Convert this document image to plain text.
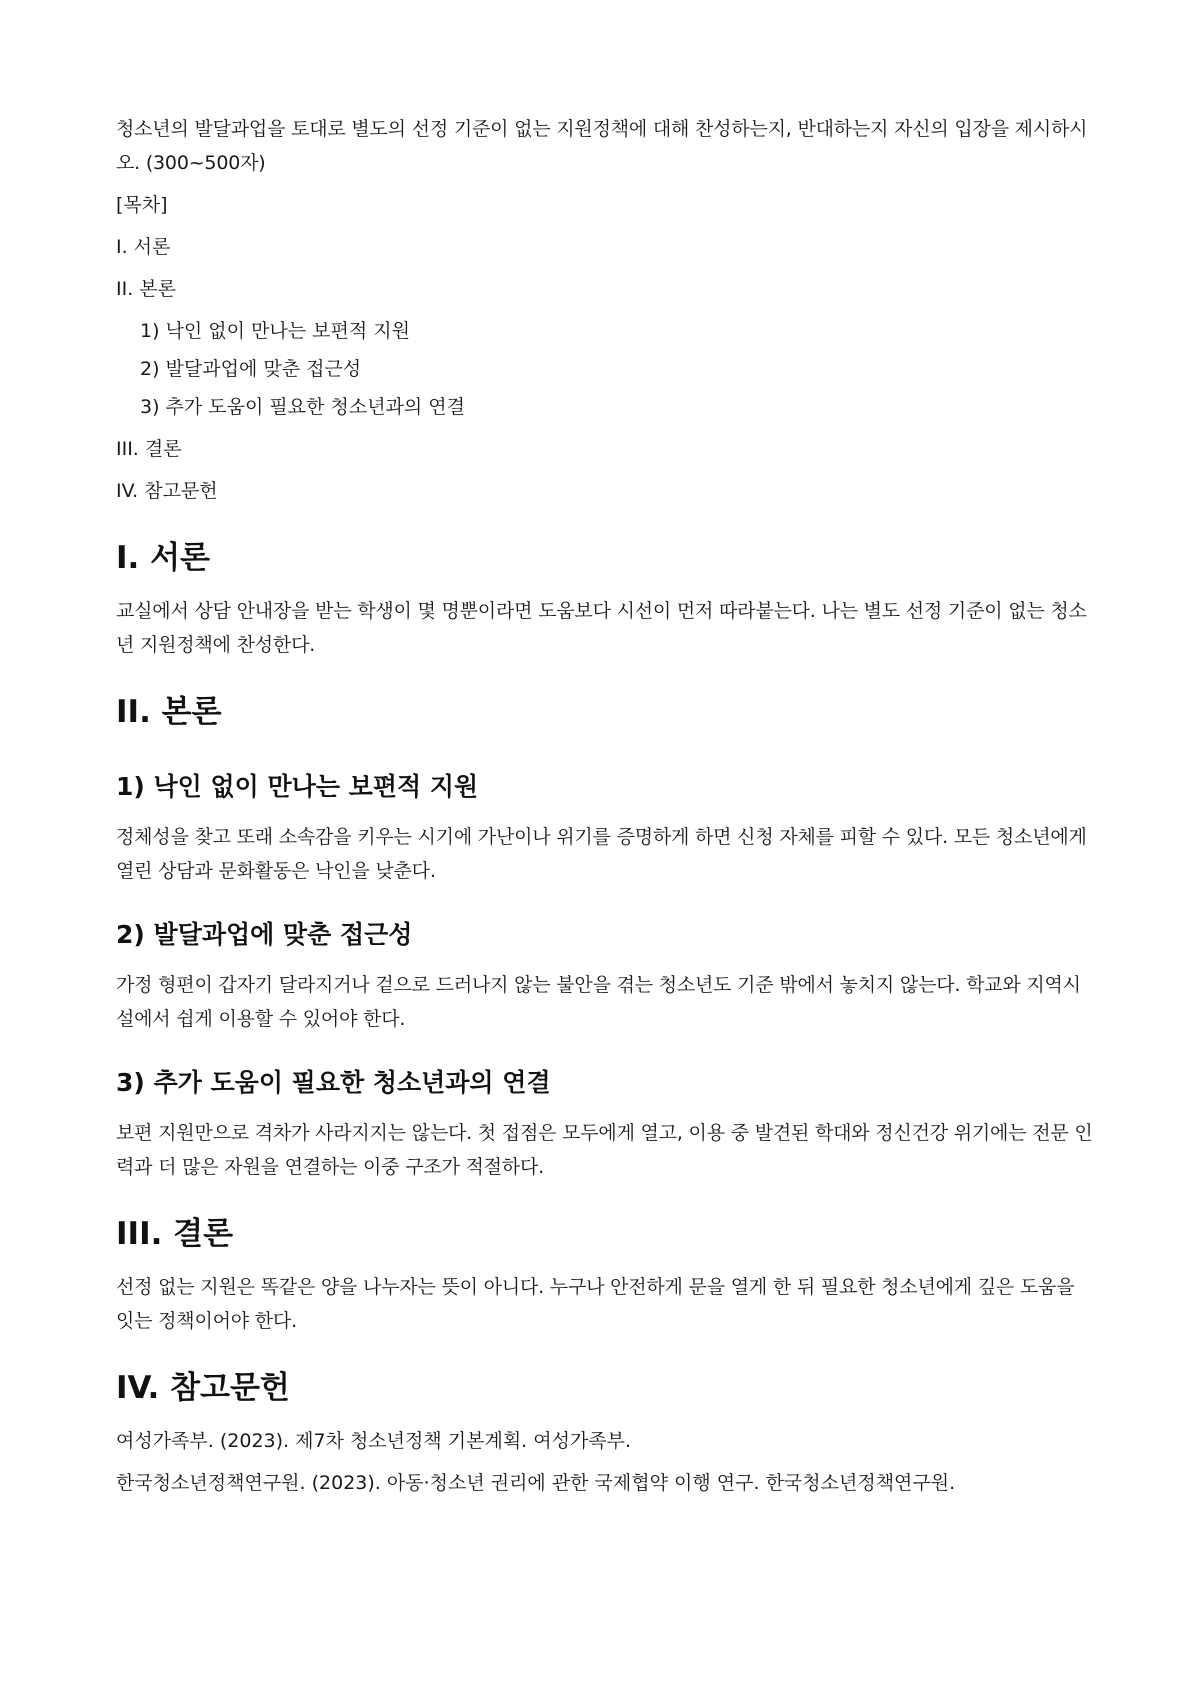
청소년의 발달과업을 토대로 별도의 선정 기준이 없는 지원정책에 대해 찬성하는지, 반대하는지 자신의 입장을 제시하시오. (300~500자)

[목차]
I. 서론
II. 본론
1) 낙인 없이 만나는 보편적 지원
2) 발달과업에 맞춘 접근성
3) 추가 도움이 필요한 청소년과의 연결
III. 결론
IV. 참고문헌
I. 서론

교실에서 상담 안내장을 받는 학생이 몇 명뿐이라면 도움보다 시선이 먼저 따라붙는다. 나는 별도 선정 기준이 없는 청소년 지원정책에 찬성한다.

II. 본론
1) 낙인 없이 만나는 보편적 지원

정체성을 찾고 또래 소속감을 키우는 시기에 가난이나 위기를 증명하게 하면 신청 자체를 피할 수 있다. 모든 청소년에게 열린 상담과 문화활동은 낙인을 낮춘다.

2) 발달과업에 맞춘 접근성

가정 형편이 갑자기 달라지거나 겉으로 드러나지 않는 불안을 겪는 청소년도 기준 밖에서 놓치지 않는다. 학교와 지역시설에서 쉽게 이용할 수 있어야 한다.

3) 추가 도움이 필요한 청소년과의 연결

보편 지원만으로 격차가 사라지지는 않는다. 첫 접점은 모두에게 열고, 이용 중 발견된 학대와 정신건강 위기에는 전문 인력과 더 많은 자원을 연결하는 이중 구조가 적절하다.

III. 결론

선정 없는 지원은 똑같은 양을 나누자는 뜻이 아니다. 누구나 안전하게 문을 열게 한 뒤 필요한 청소년에게 깊은 도움을 잇는 정책이어야 한다.

IV. 참고문헌

여성가족부. (2023). 제7차 청소년정책 기본계획. 여성가족부.

한국청소년정책연구원. (2023). 아동·청소년 권리에 관한 국제협약 이행 연구. 한국청소년정책연구원.
